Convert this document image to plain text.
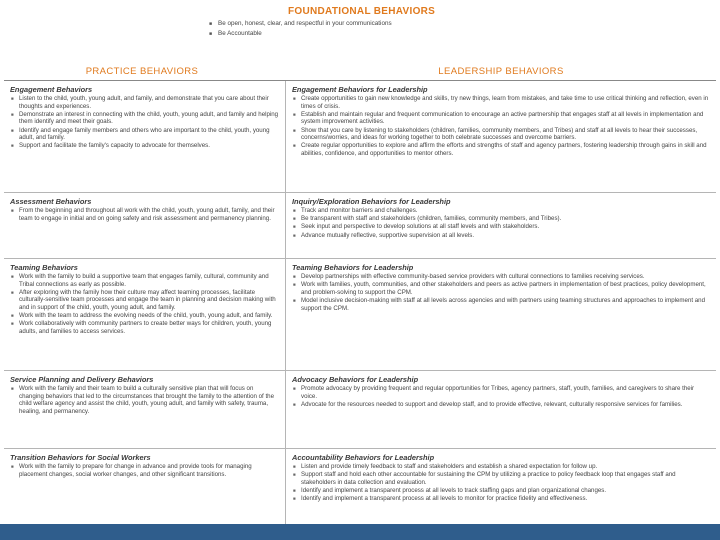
FOUNDATIONAL BEHAVIORS
■ Be open, honest, clear, and respectful in your communications
■ Be Accountable
PRACTICE BEHAVIORS	LEADERSHIP BEHAVIORS
Engagement Behaviors
■ Listen to the child, youth, young adult, and family, and demonstrate that you care about their thoughts and experiences.
■ Demonstrate an interest in connecting with the child, youth, young adult, and family and helping them identify and meet their goals.
■ Identify and engage family members and others who are important to the child, youth, young adult, and family.
■ Support and facilitate the family's capacity to advocate for themselves.
Engagement Behaviors for Leadership
■ Create opportunities to gain new knowledge and skills, try new things, learn from mistakes, and take time to use critical thinking and reflection, even in times of crisis.
■ Establish and maintain regular and frequent communication to encourage an active partnership that engages staff at all levels in implementation and system improvement activities.
■ Show that you care by listening to stakeholders (children, families, community members, and Tribes) and staff at all levels to hear their successes, concerns/worries, and ideas for working together to both celebrate successes and overcome barriers.
■ Create regular opportunities to explore and affirm the efforts and strengths of staff and agency partners, fostering leadership through gains in skill and abilities, confidence, and opportunities to mentor others.
Assessment Behaviors
■ From the beginning and throughout all work with the child, youth, young adult, family, and their team to engage in initial and on going safety and risk assessment and permanency planning.
Inquiry/Exploration Behaviors for Leadership
■ Track and monitor barriers and challenges.
■ Be transparent with staff and stakeholders (children, families, community members, and Tribes).
■ Seek input and perspective to develop solutions at all staff levels and with stakeholders.
■ Advance mutually reflective, supportive supervision at all levels.
Teaming Behaviors
■ Work with the family to build a supportive team that engages family, cultural, community and Tribal connections as early as possible.
■ After exploring with the family how their culture may affect teaming processes, facilitate culturally-sensitive team processes and engage the team in planning and decision making with and in support of the child, youth, young adult, and family.
■ Work with the team to address the evolving needs of the child, youth, young adult, and family.
■ Work collaboratively with community partners to create better ways for children, youth, young adults, and families to access services.
Teaming Behaviors for Leadership
■ Develop partnerships with effective community-based service providers with cultural connections to families receiving services.
■ Work with families, youth, communities, and other stakeholders and peers as active partners in implementation of best practices, policy development, and problem-solving to support the CPM.
■ Model inclusive decision-making with staff at all levels across agencies and with partners using teaming structures and approaches to implement and support the CPM.
Service Planning and Delivery Behaviors
■ Work with the family and their team to build a culturally sensitive plan that will focus on changing behaviors that led to the circumstances that brought the family to the attention of the child welfare agency and assist the child, youth, young adult, and family with safety, trauma, healing, and permanency.
Advocacy Behaviors for Leadership
■ Promote advocacy by providing frequent and regular opportunities for Tribes, agency partners, staff, youth, families, and caregivers to share their voice.
■ Advocate for the resources needed to support and develop staff, and to provide effective, relevant, culturally responsive services for families.
Transition Behaviors for Social Workers
■ Work with the family to prepare for change in advance and provide tools for managing placement changes, social worker changes, and other significant transitions.
Accountability Behaviors for Leadership
■ Listen and provide timely feedback to staff and stakeholders and establish a shared expectation for follow up.
■ Support staff and hold each other accountable for sustaining the CPM by utilizing a practice to policy feedback loop that engages staff and stakeholders in data collection and evaluation.
■ Identify and implement a transparent process at all levels to track staffing gaps and plan organizational changes.
■ Identify and implement a transparent process at all levels to monitor for practice fidelity and effectiveness.
